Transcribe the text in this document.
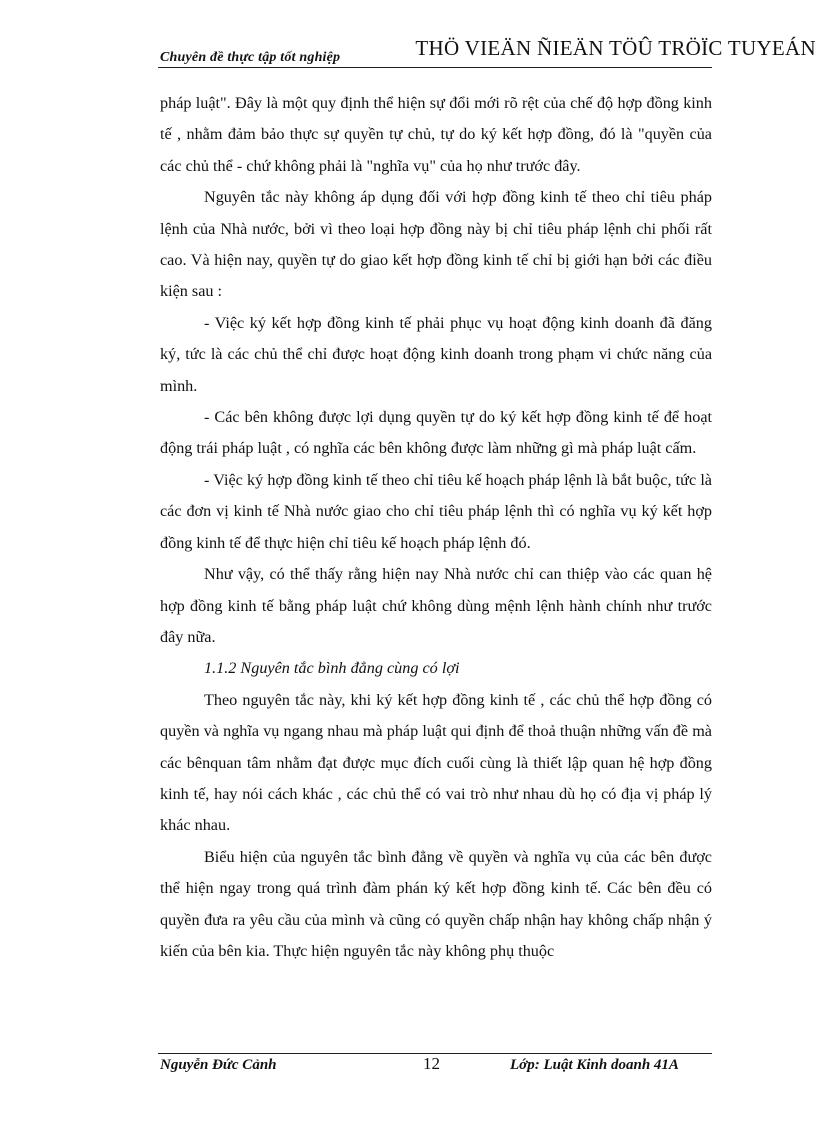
Chuyên đề thực tập tốt nghiệp	THÖ VIEÄN ÑIEÄN TÖÛ TRÖÏC TUYEÁN

pháp luật". Đây là một quy định thể hiện sự đổi mới rõ rệt của chế độ hợp đồng kinh tế , nhằm đảm bảo thực sự quyền tự chủ, tự do ký kết hợp đồng, đó là "quyền của các chủ thể - chứ không phải là "nghĩa vụ" của họ như trước đây.

Nguyên tắc này không áp dụng đối với hợp đồng kinh tế theo chỉ tiêu pháp lệnh của Nhà nước, bởi vì theo loại hợp đồng này bị chỉ tiêu pháp lệnh chi phối rất cao. Và hiện nay, quyền tự do giao kết hợp đồng kinh tế chỉ bị giới hạn bởi các điều kiện sau :

- Việc ký kết hợp đồng kinh tế phải phục vụ hoạt động kinh doanh đã đăng ký, tức là các chủ thể chỉ được hoạt động kinh doanh trong phạm vi chức năng của mình.

- Các bên không được lợi dụng quyền tự do ký kết hợp đồng kinh tế để hoạt động trái pháp luật , có nghĩa các bên không được làm những gì mà pháp luật cấm.

- Việc ký hợp đồng kinh tế theo chỉ tiêu kế hoạch pháp lệnh là bắt buộc, tức là các đơn vị kinh tế Nhà nước giao cho chỉ tiêu pháp lệnh thì có nghĩa vụ ký kết hợp đồng kinh tế để thực hiện chỉ tiêu kế hoạch pháp lệnh đó.

Như vậy, có thể thấy rằng hiện nay Nhà nước chỉ can thiệp vào các quan hệ hợp đồng kinh tế bằng pháp luật chứ không dùng mệnh lệnh hành chính như trước đây nữa.

1.1.2 Nguyên tắc bình đẳng cùng có lợi

Theo nguyên tắc này, khi ký kết hợp đồng kinh tế , các chủ thể hợp đồng có quyền và nghĩa vụ ngang nhau mà pháp luật qui định để thoả thuận những vấn đề mà các bênquan tâm nhằm đạt được mục đích cuối cùng là thiết lập quan hệ hợp đồng kinh tế, hay nói cách khác , các chủ thể có vai trò như nhau dù họ có địa vị pháp lý khác nhau.

Biểu hiện của nguyên tắc bình đẳng về quyền và nghĩa vụ của các bên được thể hiện ngay trong quá trình đàm phán ký kết hợp đồng kinh tế. Các bên đều có quyền đưa ra yêu cầu của mình và cũng có quyền chấp nhận hay không chấp nhận ý kiến của bên kia. Thực hiện nguyên tắc này không phụ thuộc

Nguyễn Đức Cảnh	12	Lớp: Luật Kinh doanh 41A
